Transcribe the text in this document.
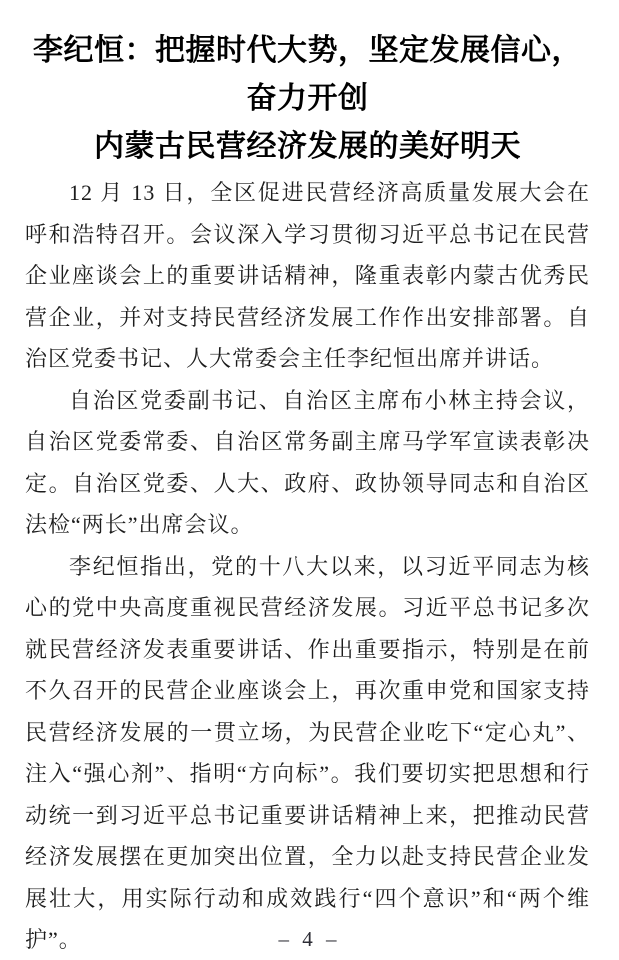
李纪恒：把握时代大势，坚定发展信心，奋力开创
内蒙古民营经济发展的美好明天

12 月 13 日，全区促进民营经济高质量发展大会在呼和浩特召开。会议深入学习贯彻习近平总书记在民营企业座谈会上的重要讲话精神，隆重表彰内蒙古优秀民营企业，并对支持民营经济发展工作作出安排部署。自治区党委书记、人大常委会主任李纪恒出席并讲话。

自治区党委副书记、自治区主席布小林主持会议，自治区党委常委、自治区常务副主席马学军宣读表彰决定。自治区党委、人大、政府、政协领导同志和自治区法检“两长”出席会议。

李纪恒指出，党的十八大以来，以习近平同志为核心的党中央高度重视民营经济发展。习近平总书记多次就民营经济发表重要讲话、作出重要指示，特别是在前不久召开的民营企业座谈会上，再次重申党和国家支持民营经济发展的一贯立场，为民营企业吃下“定心丸”、注入“强心剂”、指明“方向标”。我们要切实把思想和行动统一到习近平总书记重要讲话精神上来，把推动民营经济发展摆在更加突出位置，全力以赴支持民营企业发展壮大，用实际行动和成效践行“四个意识”和“两个维护”。	– 4 –
